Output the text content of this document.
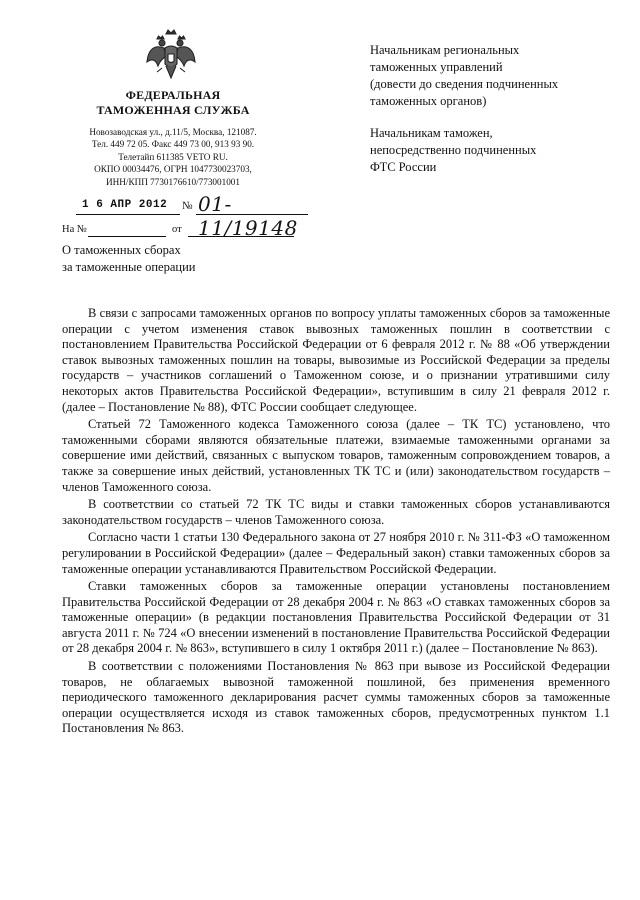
ФЕДЕРАЛЬНАЯ
ТАМОЖЕННАЯ СЛУЖБА
Новозаводская ул., д.11/5, Москва, 121087.
Тел. 449 72 05. Факс 449 73 00, 913 93 90.
Телетайп 611385 VETO RU.
ОКПО 00034476, ОГРН 1047730023703,
ИНН/КПП 7730176610/773001001
1 6 АПР 2012 № 01-11/19148
На №	от
О таможенных сборах
за таможенные операции
Начальникам региональных
таможенных управлений
(довести до сведения подчиненных
таможенных органов)
Начальникам таможен,
непосредственно подчиненных
ФТС России

В связи с запросами таможенных органов по вопросу уплаты таможенных сборов за таможенные операции с учетом изменения ставок вывозных таможенных пошлин в соответствии с постановлением Правительства Российской Федерации от 6 февраля 2012 г. № 88 «Об утверждении ставок вывозных таможенных пошлин на товары, вывозимые из Российской Федерации за пределы государств – участников соглашений о Таможенном союзе, и о признании утратившими силу некоторых актов Правительства Российской Федерации», вступившим в силу 21 февраля 2012 г. (далее – Постановление № 88), ФТС России сообщает следующее.

Статьей 72 Таможенного кодекса Таможенного союза (далее – ТК ТС) установлено, что таможенными сборами являются обязательные платежи, взимаемые таможенными органами за совершение ими действий, связанных с выпуском товаров, таможенным сопровождением товаров, а также за совершение иных действий, установленных ТК ТС и (или) законодательством государств – членов Таможенного союза.

В соответствии со статьей 72 ТК ТС виды и ставки таможенных сборов устанавливаются законодательством государств – членов Таможенного союза.

Согласно части 1 статьи 130 Федерального закона от 27 ноября 2010 г. № 311-ФЗ «О таможенном регулировании в Российской Федерации» (далее – Федеральный закон) ставки таможенных сборов за таможенные операции устанавливаются Правительством Российской Федерации.

Ставки таможенных сборов за таможенные операции установлены постановлением Правительства Российской Федерации от 28 декабря 2004 г. № 863 «О ставках таможенных сборов за таможенные операции» (в редакции постановления Правительства Российской Федерации от 31 августа 2011 г. № 724 «О внесении изменений в постановление Правительства Российской Федерации от 28 декабря 2004 г. № 863», вступившего в силу 1 октября 2011 г.) (далее – Постановление № 863).

В соответствии с положениями Постановления № 863 при вывозе из Российской Федерации товаров, не облагаемых вывозной таможенной пошлиной, без применения временного периодического таможенного декларирования расчет суммы таможенных сборов за таможенные операции осуществляется исходя из ставок таможенных сборов, предусмотренных пунктом 1.1 Постановления № 863.
